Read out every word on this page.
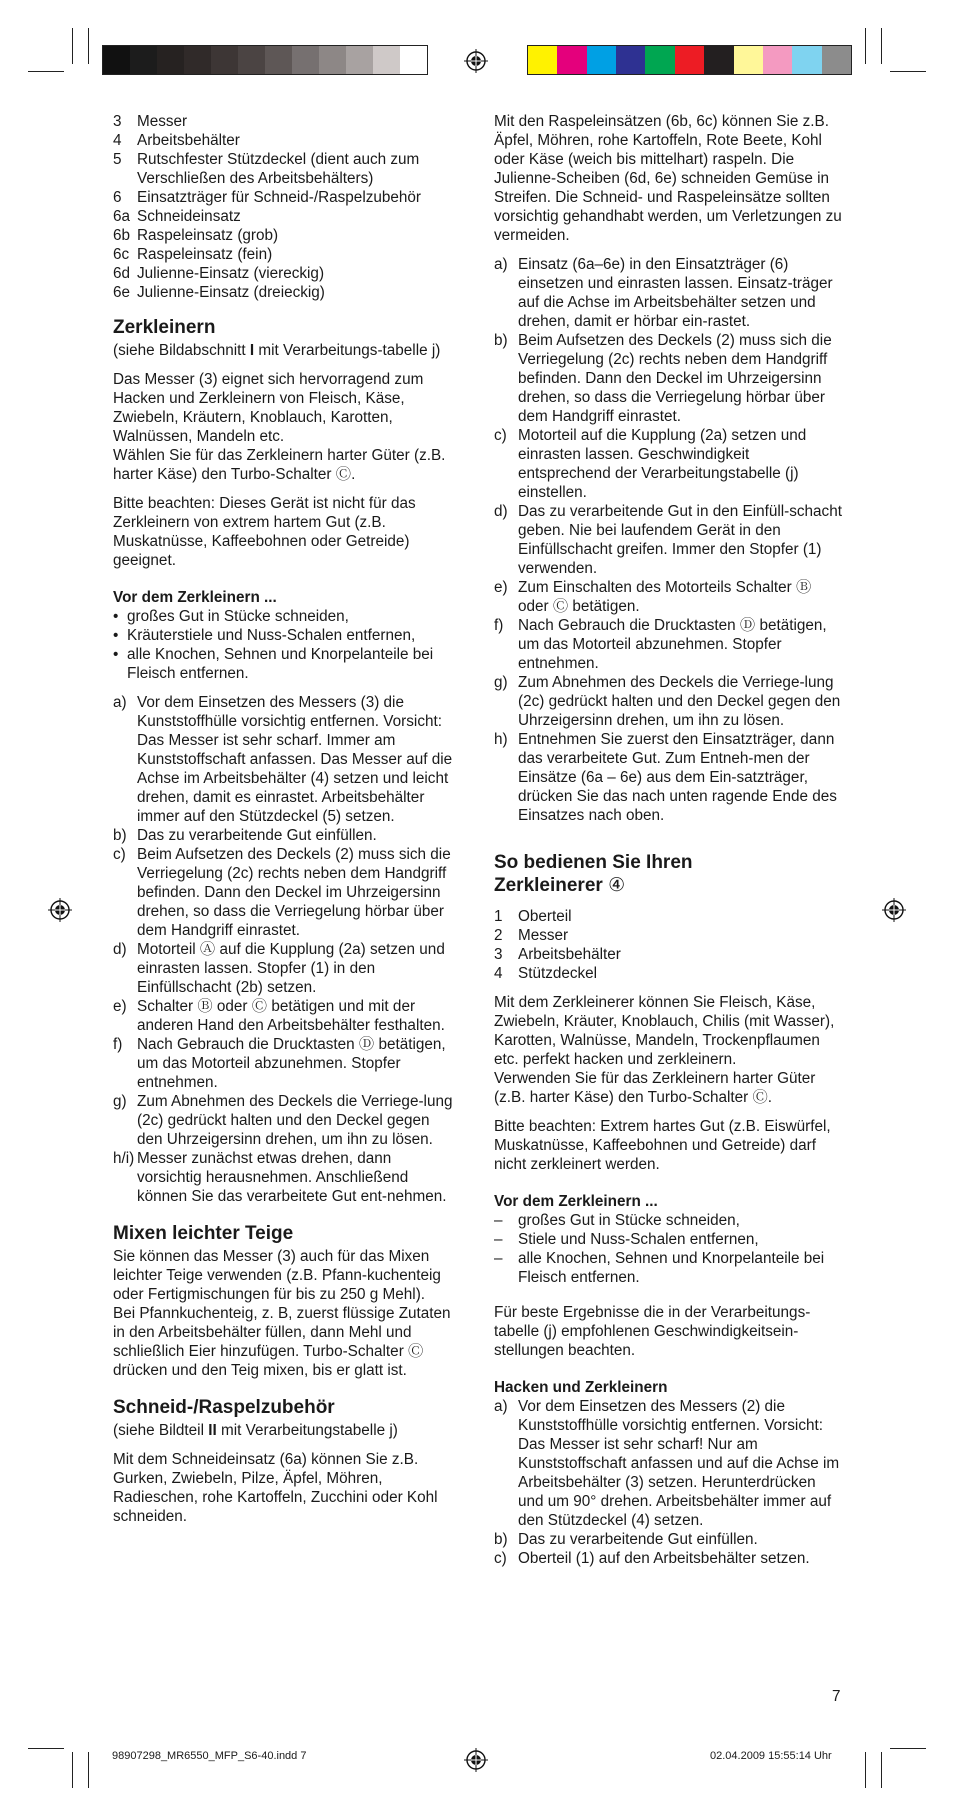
3	Messer
4	Arbeitsbehälter
5	Rutschfester Stützdeckel (dient auch zum Verschließen des Arbeitsbehälters)
6	Einsatzträger für Schneid-/Raspelzubehör
6a Schneideinsatz
6b Raspeleinsatz (grob)
6c Raspeleinsatz (fein)
6d Julienne-Einsatz (viereckig)
6e Julienne-Einsatz (dreieckig)
Zerkleinern

(siehe Bildabschnitt I mit Verarbeitungs-tabelle j)

Das Messer (3) eignet sich hervorragend zum Hacken und Zerkleinern von Fleisch, Käse, Zwiebeln, Kräutern, Knoblauch, Karotten, Walnüssen, Mandeln etc.

Wählen Sie für das Zerkleinern harter Güter (z.B. harter Käse) den Turbo-Schalter Ⓒ.

Bitte beachten: Dieses Gerät ist nicht für das Zerkleinern von extrem hartem Gut (z.B. Muskatnüsse, Kaffeebohnen oder Getreide) geeignet.

Vor dem Zerkleinern ...
• großes Gut in Stücke schneiden,
• Kräuterstiele und Nuss-Schalen entfernen,
• alle Knochen, Sehnen und Knorpelanteile bei Fleisch entfernen.
a) Vor dem Einsetzen des Messers (3) die Kunststoffhülle vorsichtig entfernen. Vorsicht: Das Messer ist sehr scharf. Immer am Kunststoffschaft anfassen. Das Messer auf die Achse im Arbeitsbehälter (4) setzen und leicht drehen, damit es einrastet. Arbeitsbehälter immer auf den Stützdeckel (5) setzen.
b) Das zu verarbeitende Gut einfüllen.
c) Beim Aufsetzen des Deckels (2) muss sich die Verriegelung (2c) rechts neben dem Handgriff befinden. Dann den Deckel im Uhrzeigersinn drehen, so dass die Verriegelung hörbar über dem Handgriff einrastet.
d) Motorteil Ⓐ auf die Kupplung (2a) setzen und einrasten lassen. Stopfer (1) in den Einfüllschacht (2b) setzen.
e) Schalter Ⓑ oder Ⓒ betätigen und mit der anderen Hand den Arbeitsbehälter festhalten.
f) Nach Gebrauch die Drucktasten Ⓓ betätigen, um das Motorteil abzunehmen. Stopfer entnehmen.
g) Zum Abnehmen des Deckels die Verriege-lung (2c) gedrückt halten und den Deckel gegen den Uhrzeigersinn drehen, um ihn zu lösen.
h/i) Messer zunächst etwas drehen, dann vorsichtig herausnehmen. Anschließend können Sie das verarbeitete Gut ent-nehmen.
Mixen leichter Teige

Sie können das Messer (3) auch für das Mixen leichter Teige verwenden (z.B. Pfann-kuchenteig oder Fertigmischungen für bis zu 250 g Mehl).

Bei Pfannkuchenteig, z. B, zuerst flüssige Zutaten in den Arbeitsbehälter füllen, dann Mehl und schließlich Eier hinzufügen. Turbo-Schalter Ⓒ drücken und den Teig mixen, bis er glatt ist.

Schneid-/Raspelzubehör

(siehe Bildteil II mit Verarbeitungstabelle j)

Mit dem Schneideinsatz (6a) können Sie z.B. Gurken, Zwiebeln, Pilze, Äpfel, Möhren, Radieschen, rohe Kartoffeln, Zucchini oder Kohl schneiden.

Mit den Raspeleinsätzen (6b, 6c) können Sie z.B. Äpfel, Möhren, rohe Kartoffeln, Rote Beete, Kohl oder Käse (weich bis mittelhart) raspeln. Die Julienne-Scheiben (6d, 6e) schneiden Gemüse in Streifen. Die Schneid- und Raspeleinsätze sollten vorsichtig gehandhabt werden, um Verletzungen zu vermeiden.

a) Einsatz (6a–6e) in den Einsatzträger (6) einsetzen und einrasten lassen. Einsatz-träger auf die Achse im Arbeitsbehälter setzen und drehen, damit er hörbar ein-rastet.
b) Beim Aufsetzen des Deckels (2) muss sich die Verriegelung (2c) rechts neben dem Handgriff befinden. Dann den Deckel im Uhrzeigersinn drehen, so dass die Verriegelung hörbar über dem Handgriff einrastet.
c) Motorteil auf die Kupplung (2a) setzen und einrasten lassen. Geschwindigkeit entsprechend der Verarbeitungstabelle (j) einstellen.
d) Das zu verarbeitende Gut in den Einfüll-schacht geben. Nie bei laufendem Gerät in den Einfüllschacht greifen. Immer den Stopfer (1) verwenden.
e) Zum Einschalten des Motorteils Schalter Ⓑ oder Ⓒ betätigen.
f) Nach Gebrauch die Drucktasten Ⓓ betätigen, um das Motorteil abzunehmen. Stopfer entnehmen.
g) Zum Abnehmen des Deckels die Verriege-lung (2c) gedrückt halten und den Deckel gegen den Uhrzeigersinn drehen, um ihn zu lösen.
h) Entnehmen Sie zuerst den Einsatzträger, dann das verarbeitete Gut. Zum Entneh-men der Einsätze (6a – 6e) aus dem Ein-satzträger, drücken Sie das nach unten ragende Ende des Einsatzes nach oben.
So bedienen Sie Ihren
Zerkleinerer ④
1	Oberteil
2	Messer
3	Arbeitsbehälter
4	Stützdeckel

Mit dem Zerkleinerer können Sie Fleisch, Käse, Zwiebeln, Kräuter, Knoblauch, Chilis (mit Wasser), Karotten, Walnüsse, Mandeln, Trockenpflaumen etc. perfekt hacken und zerkleinern.

Verwenden Sie für das Zerkleinern harter Güter (z.B. harter Käse) den Turbo-Schalter Ⓒ.

Bitte beachten: Extrem hartes Gut (z.B. Eiswürfel, Muskatnüsse, Kaffeebohnen und Getreide) darf nicht zerkleinert werden.

Vor dem Zerkleinern ...
–	großes Gut in Stücke schneiden,
–	Stiele und Nuss-Schalen entfernen,
–	alle Knochen, Sehnen und Knorpelanteile bei Fleisch entfernen.

Für beste Ergebnisse die in der Verarbeitungs-tabelle (j) empfohlenen Geschwindigkeitsein-stellungen beachten.

Hacken und Zerkleinern
a) Vor dem Einsetzen des Messers (2) die Kunststoffhülle vorsichtig entfernen. Vorsicht: Das Messer ist sehr scharf! Nur am Kunststoffschaft anfassen und auf die Achse im Arbeitsbehälter (3) setzen. Herunterdrücken und um 90° drehen. Arbeitsbehälter immer auf den Stützdeckel (4) setzen.
b) Das zu verarbeitende Gut einfüllen.
c) Oberteil (1) auf den Arbeitsbehälter setzen.
7
98907298_MR6550_MFP_S6-40.indd 7	02.04.2009 15:55:14 Uhr
